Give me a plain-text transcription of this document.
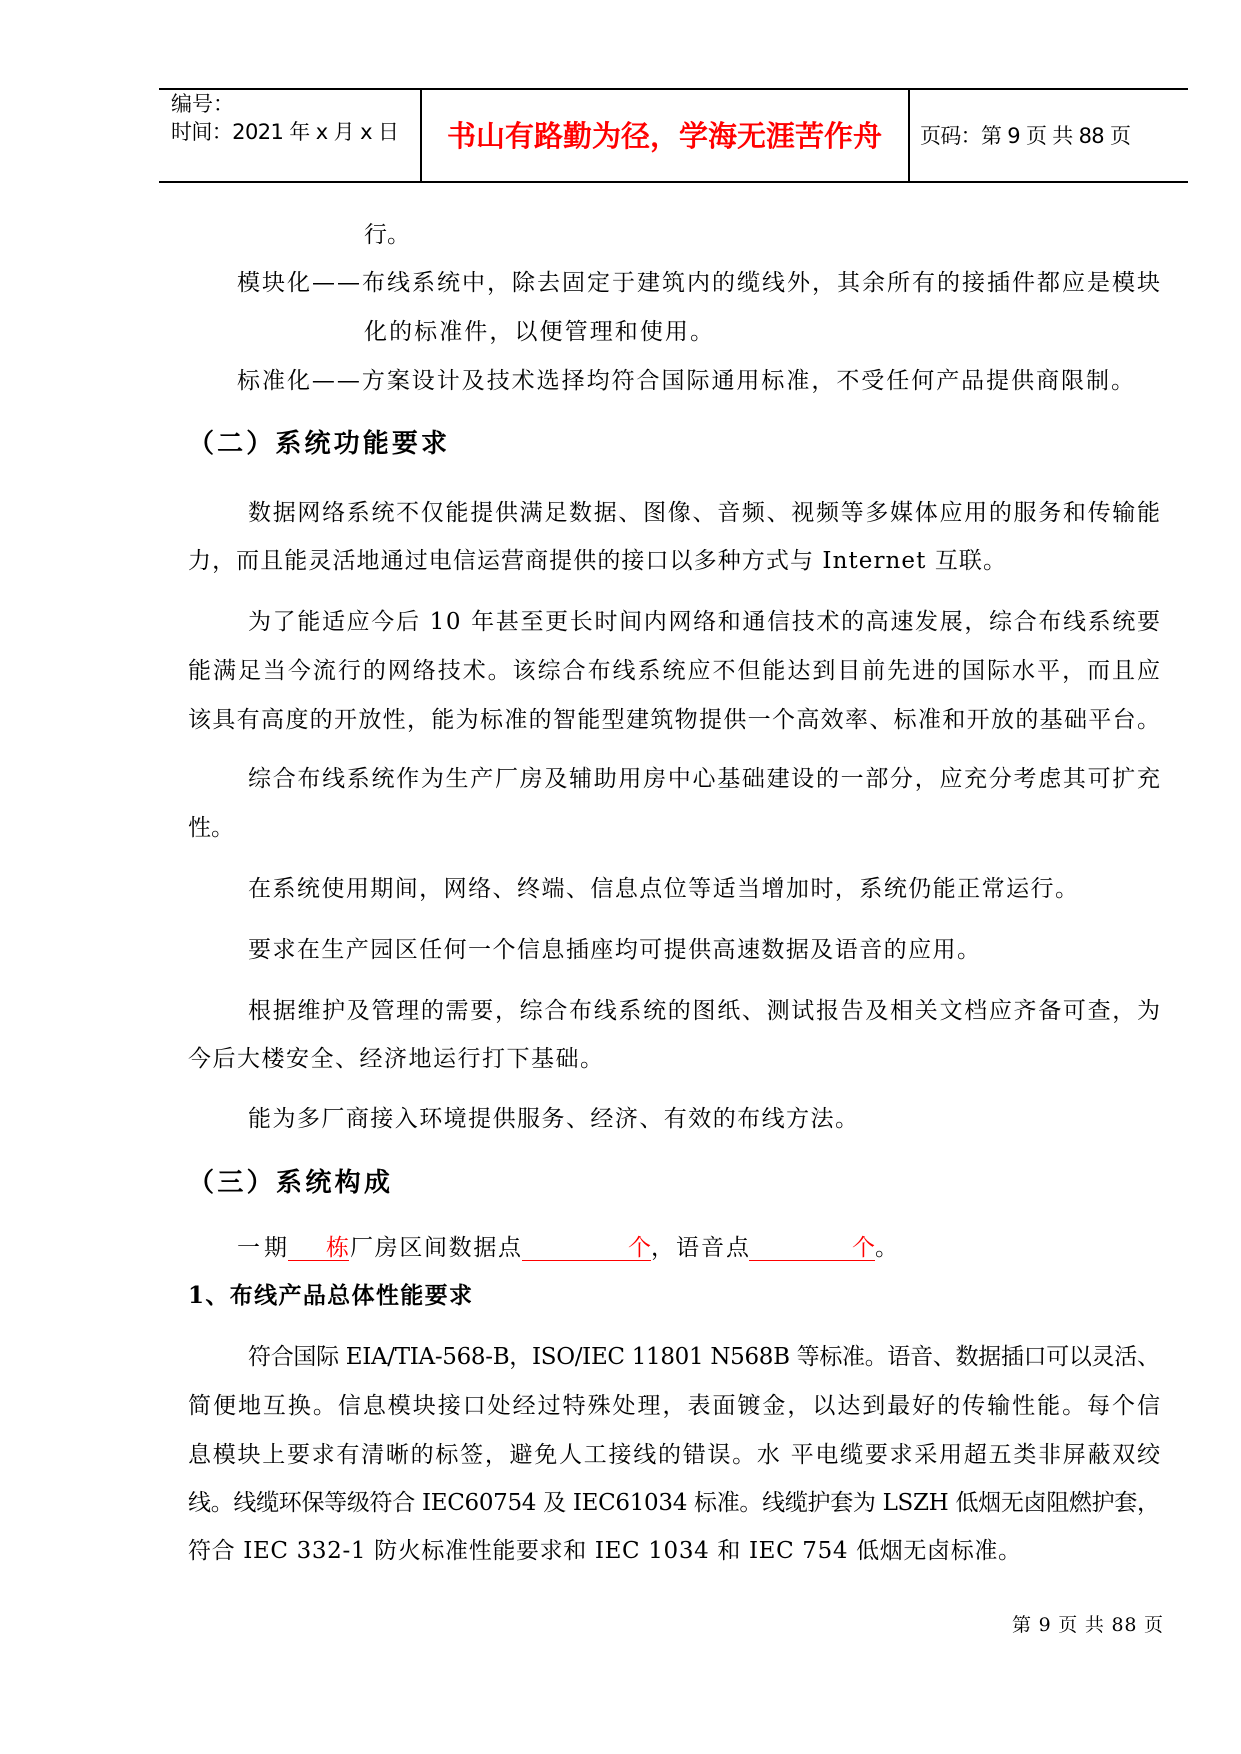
编号：
时间：2021 年 x 月 x 日 书山有路勤为径，学海无涯苦作舟 页码：第 9 页 共 88 页
行。
模块化——布线系统中，除去固定于建筑内的缆线外，其余所有的接插件都应是模块
化的标准件，以便管理和使用。
标准化——方案设计及技术选择均符合国际通用标准，不受任何产品提供商限制。
（二）系统功能要求
数据网络系统不仅能提供满足数据、图像、音频、视频等多媒体应用的服务和传输能
力，而且能灵活地通过电信运营商提供的接口以多种方式与 Internet 互联。
为了能适应今后 10 年甚至更长时间内网络和通信技术的高速发展，综合布线系统要
能满足当今流行的网络技术。该综合布线系统应不但能达到目前先进的国际水平，而且应
该具有高度的开放性，能为标准的智能型建筑物提供一个高效率、标准和开放的基础平台。
综合布线系统作为生产厂房及辅助用房中心基础建设的一部分，应充分考虑其可扩充
性。
在系统使用期间，网络、终端、信息点位等适当增加时，系统仍能正常运行。
要求在生产园区任何一个信息插座均可提供高速数据及语音的应用。
根据维护及管理的需要，综合布线系统的图纸、测试报告及相关文档应齐备可查，为
今后大楼安全、经济地运行打下基础。
能为多厂商接入环境提供服务、经济、有效的布线方法。
（三）系统构成
一期	栋 厂房区间数据点	个 ，语音点	个 。
1、布线产品总体性能要求
符合国际 EIA/TIA-568-B，ISO/IEC 11801 N568B 等标准。语音、数据插口可以灵活、
简便地互换。信息模块接口处经过特殊处理，表面镀金，以达到最好的传输性能。每个信
息模块上要求有清晰的标签，避免人工接线的错误。水 平电缆要求采用超五类非屏蔽双绞
线。线缆环保等级符合 IEC60754 及 IEC61034 标准。线缆护套为 LSZH 低烟无卤阻燃护套，
符合 IEC 332-1 防火标准性能要求和 IEC 1034 和 IEC 754 低烟无卤标准。
第 9 页 共 88 页
